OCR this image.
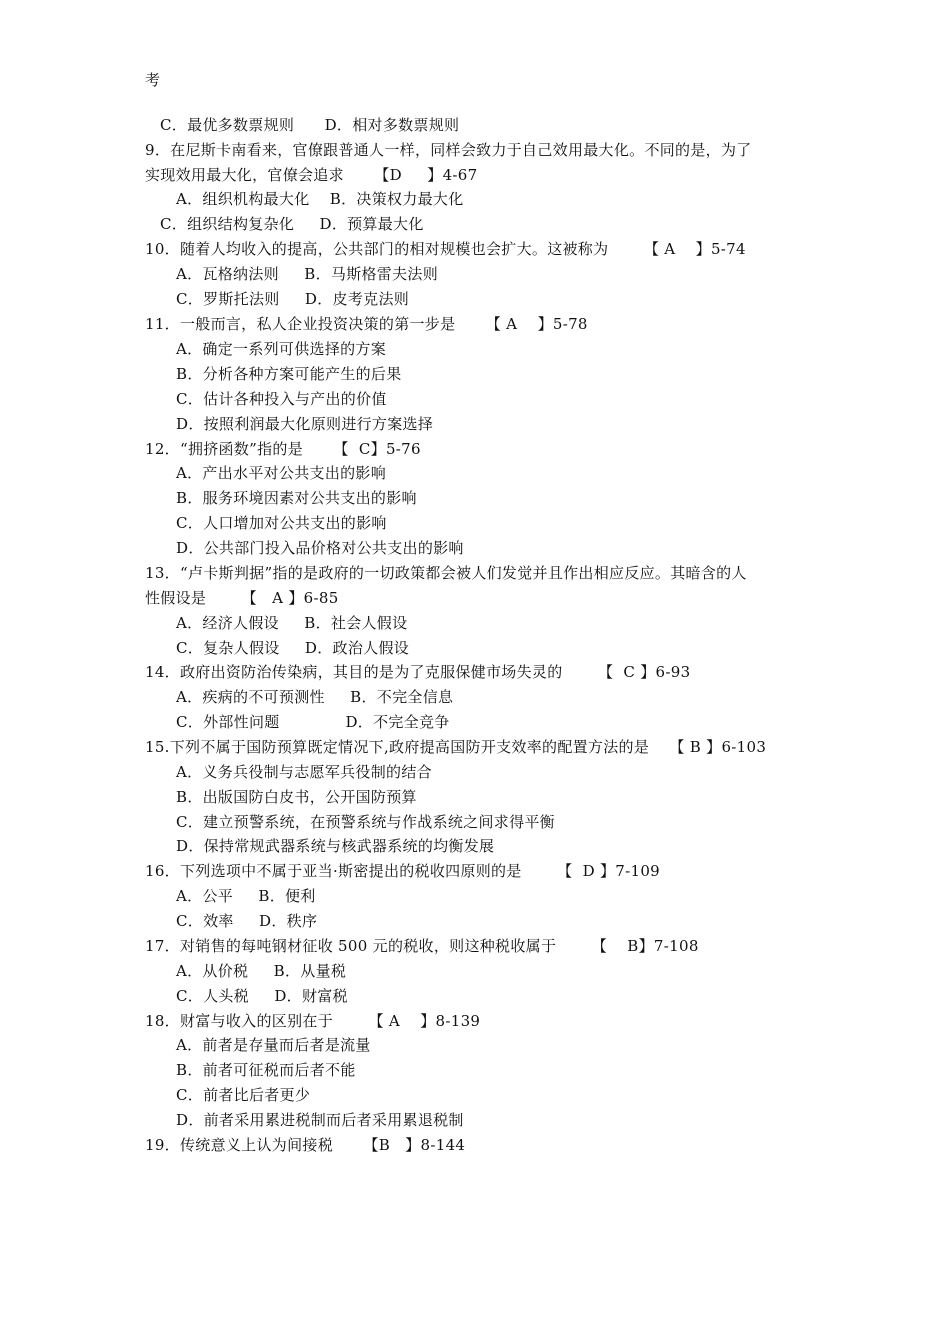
考
C．最优多数票规则      D．相对多数票规则
9．在尼斯卡南看来，官僚跟普通人一样，同样会致力于自己效用最大化。不同的是，为了
实现效用最大化，官僚会追求      【D     】4-67
A．组织机构最大化    B．决策权力最大化
C．组织结构复杂化     D．预算最大化
10．随着人均收入的提高，公共部门的相对规模也会扩大。这被称为       【 A    】5-74
A．瓦格纳法则     B．马斯格雷夫法则
C．罗斯托法则     D．皮考克法则
11．一般而言，私人企业投资决策的第一步是      【 A    】5-78
A．确定一系列可供选择的方案
B．分析各种方案可能产生的后果
C．估计各种投入与产出的价值
D．按照利润最大化原则进行方案选择
12．“拥挤函数”指的是      【  C】5-76
A．产出水平对公共支出的影响
B．服务环境因素对公共支出的影响
C．人口增加对公共支出的影响
D．公共部门投入品价格对公共支出的影响
13．“卢卡斯判据”指的是政府的一切政策都会被人们发觉并且作出相应反应。其暗含的人
性假设是       【   A 】6-85
A．经济人假设     B．社会人假设
C．复杂人假设     D．政治人假设
14．政府出资防治传染病，其目的是为了克服保健市场失灵的       【  C 】6-93
A．疾病的不可预测性     B．不完全信息
C．外部性问题             D．不完全竞争
15.下列不属于国防预算既定情况下,政府提高国防开支效率的配置方法的是    【 B 】6-103
A．义务兵役制与志愿军兵役制的结合
B．出版国防白皮书，公开国防预算
C．建立预警系统，在预警系统与作战系统之间求得平衡
D．保持常规武器系统与核武器系统的均衡发展
16．下列选项中不属于亚当·斯密提出的税收四原则的是       【  D 】7-109
A．公平     B．便利
C．效率     D．秩序
17．对销售的每吨钢材征收 500 元的税收，则这种税收属于       【    B】7-108
A．从价税     B．从量税
C．人头税     D．财富税
18．财富与收入的区别在于       【 A    】8-139
A．前者是存量而后者是流量
B．前者可征税而后者不能
C．前者比后者更少
D．前者采用累进税制而后者采用累退税制
19．传统意义上认为间接税      【B   】8-144
